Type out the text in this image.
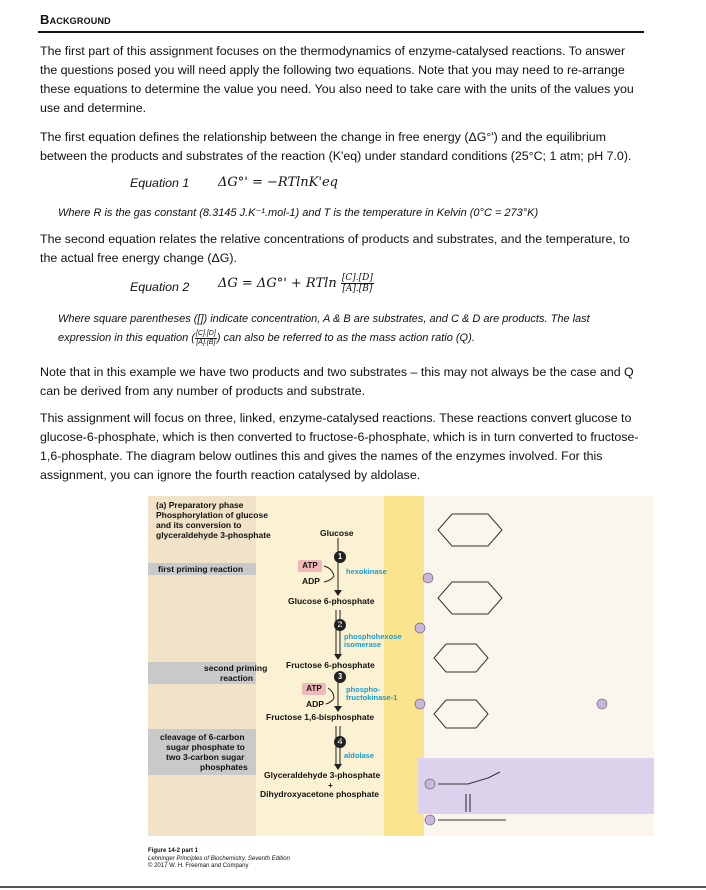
Background
The first part of this assignment focuses on the thermodynamics of enzyme-catalysed reactions. To answer the questions posed you will need apply the following two equations. Note that you may need to re-arrange these equations to determine the value you need. You also need to take care with the units of the values you use and determine.
The first equation defines the relationship between the change in free energy (ΔG°') and the equilibrium between the products and substrates of the reaction (K'eq) under standard conditions (25°C; 1 atm; pH 7.0).
Equation 1 ΔG°' = −RTlnK'eq
Where R is the gas constant (8.3145 J.K⁻¹.mol-1) and T is the temperature in Kelvin (0°C = 273°K)
The second equation relates the relative concentrations of products and substrates, and the temperature, to the actual free energy change (ΔG).
Equation 2 ΔG = ΔG°' + RTln $\frac{[C].[D]}{[A].[B]}$
Where square parentheses ([]) indicate concentration, A & B are substrates, and C & D are products. The last
expression in this equation ( $\frac{[C].[D]}{[A].[B]}$ ) can also be referred to as the mass action ratio (Q).
Note that in this example we have two products and two substrates – this may not always be the case and Q can be derived from any number of products and substrate.
This assignment will focus on three, linked, enzyme-catalysed reactions. These reactions convert glucose to glucose-6-phosphate, which is then converted to fructose-6-phosphate, which is in turn converted to fructose-1,6-phosphate. The diagram below outlines this and gives the names of the enzymes involved. For this assignment, you can ignore the fourth reaction catalysed by aldolase.
(a) Preparatory phase
Phosphorylation of glucose
and its conversion to
glyceraldehyde 3-phosphate
first priming reaction
second priming
reaction
cleavage of 6-carbon
sugar phosphate to
two 3-carbon sugar
phosphates
Glucose
1
ATP
ADP
hexokinase
Glucose 6-phosphate
2
phosphohexose
isomerase
Fructose 6-phosphate
3
ATP
ADP
phospho-
fructokinase-1
Fructose 1,6-bisphosphate
4
aldolase
Glyceraldehyde 3-phosphate
+
Dihydroxyacetone phosphate
Figure 14-2 part 1
Lehninger Principles of Biochemistry, Seventh Edition
© 2017 W. H. Freeman and Company
